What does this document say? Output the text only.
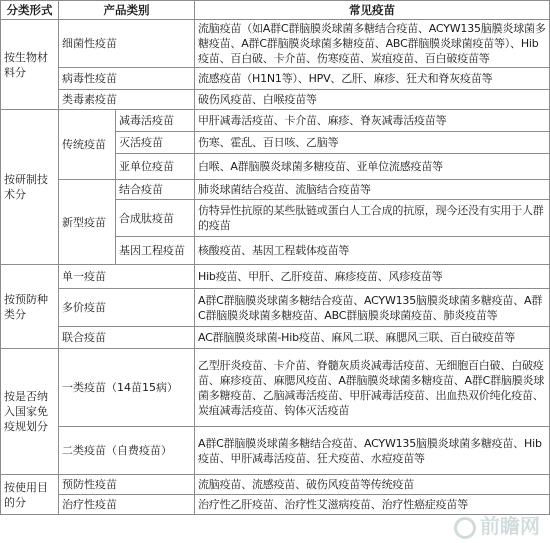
分类形式	产品类别		常见疫苗
按生物材料分	细菌性疫苗		流脑疫苗（如A群C群脑膜炎球菌多糖结合疫苗、ACYW135脑膜炎球菌多糖疫苗、A群C群脑膜炎球菌多糖疫苗、ABC群脑膜炎球菌疫苗等）、Hib疫苗、百白破、卡介苗、伤寒疫苗、炭疽疫苗、百白破疫苗等
	病毒性疫苗		流感疫苗（H1N1等）、HPV、乙肝、麻疹、狂犬和脊灰疫苗等
	类毒素疫苗		破伤风疫苗、白喉疫苗等
按研制技术分	传统疫苗	减毒活疫苗	甲肝减毒活疫苗、卡介苗、麻疹、脊灰减毒活疫苗等
		灭活疫苗	伤寒、霍乱、百日咳、乙脑等
		亚单位疫苗	白喉、A群脑膜炎球菌多糖疫苗、亚单位流感疫苗等
	新型疫苗	结合疫苗	肺炎球菌结合疫苗、流脑结合疫苗等
		合成肽疫苗	仿特异性抗原的某些肽链或蛋白人工合成的抗原，现今还没有实用于人群的疫苗
		基因工程疫苗	核酸疫苗、基因工程载体疫苗等
按预防种类分	单一疫苗		Hib疫苗、甲肝、乙肝疫苗、麻疹疫苗、风疹疫苗等
	多价疫苗		A群C群脑膜炎球菌多糖结合疫苗、ACYW135脑膜炎球菌多糖疫苗、A群C群脑膜炎球菌多糖疫苗、ABC群脑膜炎球菌疫苗、肺炎疫苗等
	联合疫苗		AC群脑膜炎球菌-Hib疫苗、麻风二联、麻腮风三联、百白破疫苗等
按是否纳入国家免疫规划分	一类疫苗（14苗15病）		乙型肝炎疫苗、卡介苗、脊髓灰质炎减毒活疫苗、无细胞百白破、白破疫苗、麻疹疫苗、麻腮风疫苗、A群脑膜炎球菌多糖疫苗、A群C群脑膜炎球菌多糖疫苗、乙脑减毒活疫苗、甲肝减毒活疫苗、出血热双价纯化疫苗、炭疽减毒活疫苗、钩体灭活疫苗
	二类疫苗（自费疫苗）		A群C群脑膜炎球菌多糖结合疫苗、ACYW135脑膜炎球菌多糖疫苗、Hib疫苗、甲肝减毒活疫苗、狂犬疫苗、水痘疫苗等
按使用目的分	预防性疫苗		流脑疫苗、流感疫苗、破伤风疫苗等传统疫苗
	治疗性疫苗		治疗性乙肝疫苗、治疗性艾滋病疫苗、治疗性癌症疫苗等
前瞻网
